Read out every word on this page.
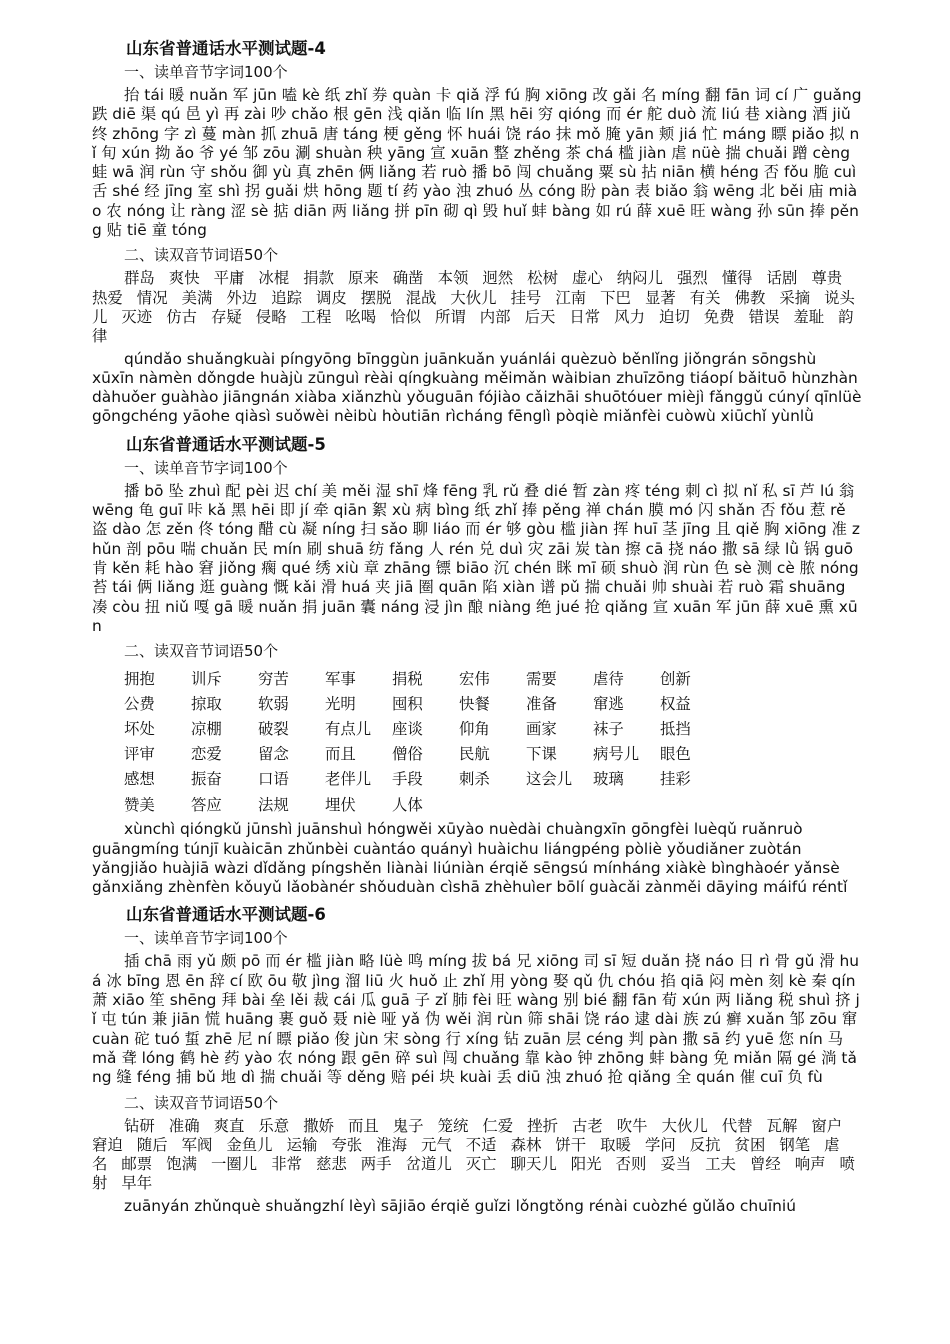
山东省普通话水平测试题-4
一、读单音节字词100个
抬 tái 暖 nuǎn 军 jūn 嗑 kè 纸 zhǐ 券 quàn 卡 qiǎ 浮 fú 胸 xiōng 改 gǎi 名 míng 翻 fān 词 cí 广 guǎng 跌 diē 渠 qú 邑 yì 再 zài 吵 chǎo 根 gēn 浅 qiǎn 临 lín 黑 hēi 穷 qióng 而 ér 舵 duò 流 liú 巷 xiàng 酒 jiǔ 终 zhōng 字 zì 蔓 màn 抓 zhuā 唐 táng 梗 gěng 怀 huái 饶 ráo 抹 mǒ 腌 yān 颊 jiá 忙 máng 瞟 piǎo 拟 nǐ 旬 xún 拗 ǎo 爷 yé 邹 zōu 涮 shuàn 秧 yāng 宣 xuān 整 zhěng 茶 chá 槛 jiàn 虐 nüè 揣 chuǎi 蹭 cèng 蛙 wā 润 rùn 守 shǒu 御 yù 真 zhēn 俩 liǎng 若 ruò 播 bō 闯 chuǎng 粟 sù 拈 niān 横 héng 否 fǒu 脆 cuì 舌 shé 经 jīng 室 shì 拐 guǎi 烘 hōng 题 tí 药 yào 浊 zhuó 丛 cóng 盼 pàn 表 biǎo 翁 wēng 北 běi 庙 miào 农 nóng 让 ràng 涩 sè 掂 diān 两 liǎng 拼 pīn 砌 qì 毁 huǐ 蚌 bàng 如 rú 薛 xuē 旺 wàng 孙 sūn 捧 pěng 贴 tiē 童 tóng
二、读双音节词语50个
群岛 爽快 平庸 冰棍 捐款 原来 确凿 本领 迥然 松树 虚心 纳闷儿 强烈 懂得 话剧 尊贵热爱 情况 美满 外边 追踪 调皮 摆脱 混战 大伙儿 挂号 江南 下巴 显著 有关 佛教 采摘 说头儿 灭迹 仿古 存疑 侵略 工程 吆喝 恰似 所谓 内部 后天 日常 风力 迫切 免费 错误 羞耻 韵律
qúndǎo shuǎngkuài píngyōng bīnggùn juānkuǎn yuánlái quèzuò běnlǐng jiǒngrán sōngshù xūxīn nàmèn dǒngde huàjù zūnguì rèài qíngkuàng měimǎn wàibian zhuīzōng tiáopí bǎituō hùnzhàn dàhuǒer guàhào jiāngnán xiàba xiǎnzhù yǒuguān fójiào cǎizhāi shuōtóuer mièjì fǎnggǔ cúnyí qīnlüè gōngchéng yāohe qiàsì suǒwèi nèibù hòutiān rìcháng fēnglì pòqiè miǎnfèi cuòwù xiūchǐ yùnlǜ
山东省普通话水平测试题-5
一、读单音节字词100个
播 bō 坠 zhuì 配 pèi 迟 chí 美 měi 湿 shī 烽 fēng 乳 rǔ 叠 dié 暂 zàn 疼 téng 刺 cì 拟 nǐ 私 sī 芦 lú 翁 wēng 龟 guī 咔 kǎ 黑 hēi 即 jí 牵 qiān 絮 xù 病 bìng 纸 zhǐ 捧 pěng 禅 chán 膜 mó 闪 shǎn 否 fǒu 惹 rě 盗 dào 怎 zěn 佟 tóng 醋 cù 凝 níng 扫 sǎo 聊 liáo 而 ér 够 gòu 槛 jiàn 挥 huī 茎 jīng 且 qiě 胸 xiōng 准 zhǔn 剖 pōu 喘 chuǎn 民 mín 刷 shuā 纺 fǎng 人 rén 兑 duì 灾 zāi 炭 tàn 擦 cā 挠 náo 撒 sā 绿 lǜ 锅 guō 肯 kěn 耗 hào 窘 jiǒng 瘸 qué 绣 xiù 章 zhāng 镖 biāo 沉 chén 眯 mī 硕 shuò 润 rùn 色 sè 测 cè 脓 nóng 苔 tái 俩 liǎng 逛 guàng 慨 kǎi 滑 huá 夹 jiā 圈 quān 陷 xiàn 谱 pǔ 揣 chuǎi 帅 shuài 若 ruò 霜 shuāng 凑 còu 扭 niǔ 嘎 gā 暖 nuǎn 捐 juān 囊 náng 浸 jìn 酿 niàng 绝 jué 抢 qiǎng 宣 xuān 军 jūn 薛 xuē 熏 xūn
二、读双音节词语50个
拥抱	训斥	穷苦	军事	捐税	宏伟	需要	虐待	创新
公费	掠取	软弱	光明	囤积	快餐	准备	窜逃	权益
坏处	凉棚	破裂	有点儿	座谈	仰角	画家	袜子	抵挡
评审	恋爱	留念	而且	僧俗	民航	下课	病号儿	眼色
感想	振奋	口语	老伴儿	手段	刺杀	这会儿	玻璃	挂彩
赞美	答应	法规	埋伏	人体
xùnchì qióngkǔ jūnshì juānshuì hóngwěi xūyào nuèdài chuàngxīn gōngfèi luèqǔ ruǎnruò guāngmíng túnjī kuàicān zhǔnbèi cuàntáo quányì huàichu liángpéng pòliè yǒudiǎner zuòtán yǎngjiǎo huàjiā wàzi dǐdǎng píngshěn liànài liúniàn érqiě sēngsú mínháng xiàkè bìnghàoér yǎnsè gǎnxiǎng zhènfèn kǒuyǔ lǎobànér shǒuduàn cìshā zhèhuìer bōlí guàcǎi zànměi dāying máifú réntǐ
山东省普通话水平测试题-6
一、读单音节字词100个
插 chā 雨 yǔ 颇 pō 而 ér 槛 jiàn 略 lüè 鸣 míng 拔 bá 兄 xiōng 司 sī 短 duǎn 挠 náo 日 rì 骨 gǔ 滑 huá 冰 bīng 恩 ēn 辞 cí 欧 ōu 敬 jìng 溜 liū 火 huǒ 止 zhǐ 用 yòng 娶 qǔ 仇 chóu 掐 qiā 闷 mèn 刻 kè 秦 qín 萧 xiāo 笙 shēng 拜 bài 垒 lěi 裁 cái 瓜 guā 子 zǐ 肺 fèi 旺 wàng 别 bié 翻 fān 荀 xún 两 liǎng 税 shuì 挤 jǐ 屯 tún 兼 jiān 慌 huāng 裹 guǒ 聂 niè 哑 yǎ 伪 wěi 润 rùn 筛 shāi 饶 ráo 逮 dài 族 zú 癣 xuǎn 邹 zōu 窜 cuàn 砣 tuó 蜇 zhē 尼 ní 瞟 piǎo 俊 jùn 宋 sòng 行 xíng 钻 zuān 层 céng 判 pàn 撒 sā 约 yuē 您 nín 马 mǎ 聋 lóng 鹤 hè 药 yào 农 nóng 跟 gēn 碎 suì 闯 chuǎng 靠 kào 钟 zhōng 蚌 bàng 免 miǎn 隔 gé 淌 tǎng 缝 féng 捕 bǔ 地 dì 揣 chuǎi 等 děng 赔 péi 块 kuài 丢 diū 浊 zhuó 抢 qiǎng 全 quán 催 cuī 负 fù
二、读双音节词语50个
钻研 准确 爽直 乐意 撒娇 而且 鬼子 笼统 仁爱 挫折 古老 吹牛 大伙儿 代替 瓦解 窗户窘迫 随后 军阀 金鱼儿 运输 夸张 淮海 元气 不适 森林 饼干 取暖 学问 反抗 贫困 钢笔 虐名 邮票 饱满 一圈儿 非常 慈悲 两手 岔道儿 灭亡 聊天儿 阳光 否则 妥当 工夫 曾经 响声 喷射 早年
zuānyán zhǔnquè shuǎngzhí lèyì sājiāo érqiě guǐzi lǒngtǒng rénài cuòzhé gǔlǎo chuīniú
